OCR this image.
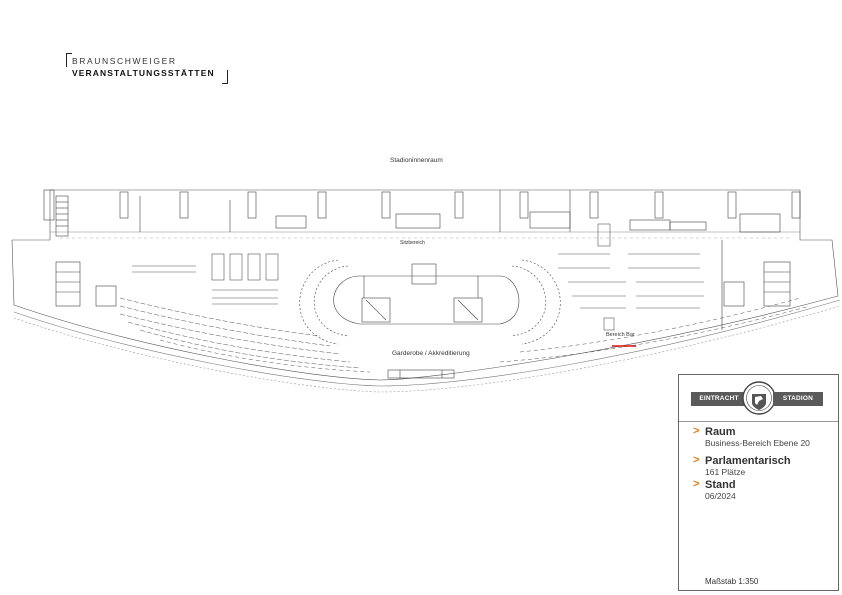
BRAUNSCHWEIGER
VERANSTALTUNGSSTÄTTEN
Stadioninnenraum
Sitzbereich
Garderobe / Akkreditierung
Bereich Bar
EINTRACHT	STADION
> Raum
Business-Bereich Ebene 20
> Parlamentarisch
161 Plätze
> Stand
06/2024
Maßstab 1:350
